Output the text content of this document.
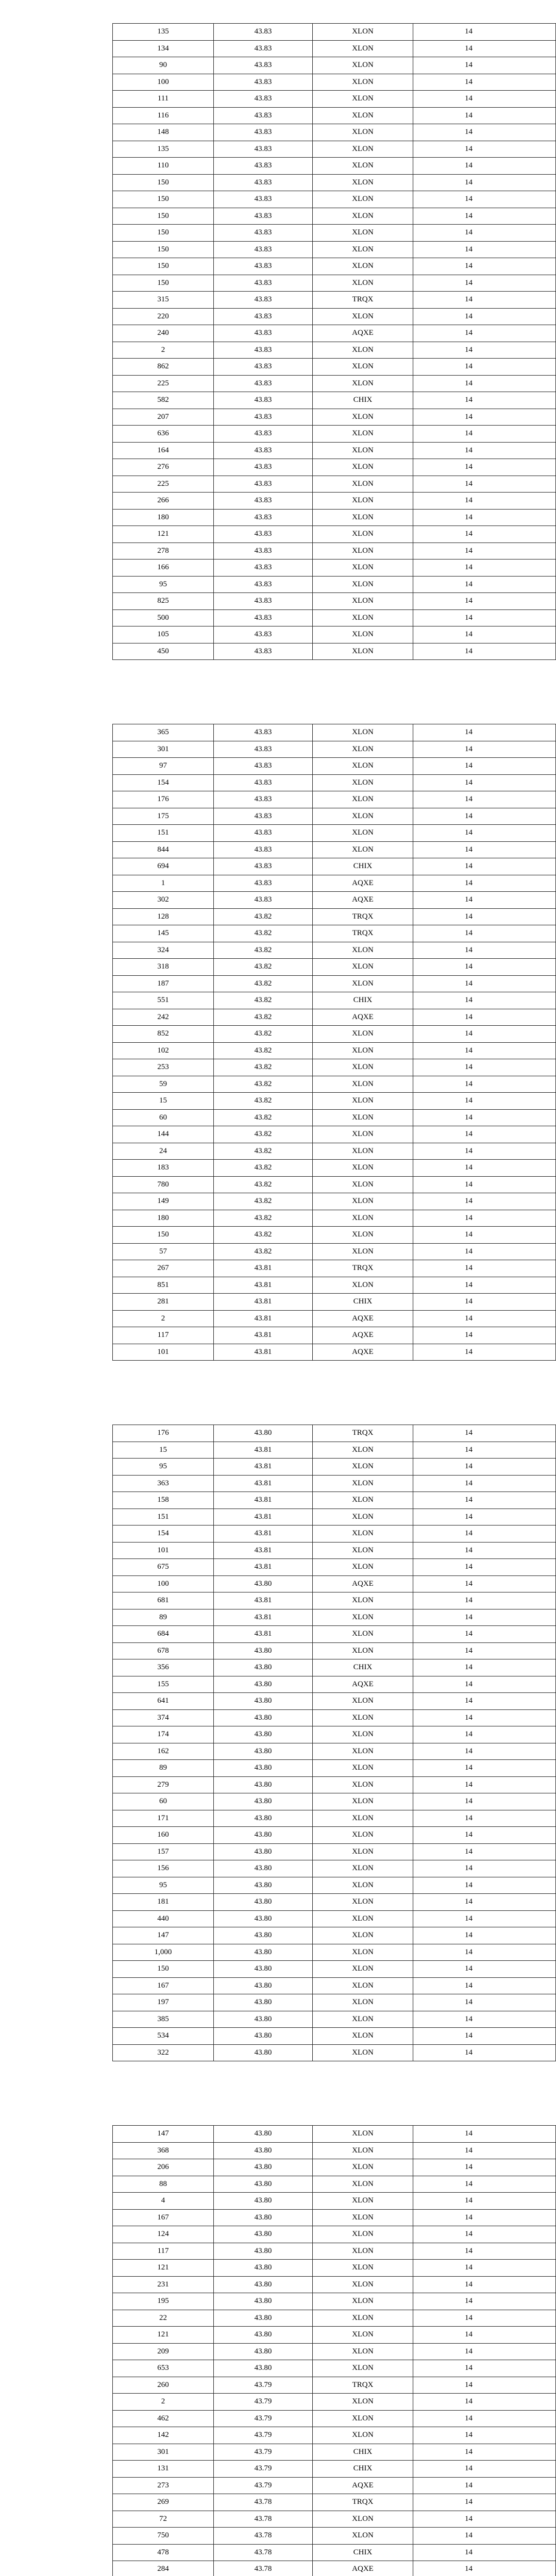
135	43.83	XLON	14
134	43.83	XLON	14
90	43.83	XLON	14
100	43.83	XLON	14
111	43.83	XLON	14
116	43.83	XLON	14
148	43.83	XLON	14
135	43.83	XLON	14
110	43.83	XLON	14
150	43.83	XLON	14
150	43.83	XLON	14
150	43.83	XLON	14
150	43.83	XLON	14
150	43.83	XLON	14
150	43.83	XLON	14
150	43.83	XLON	14
315	43.83	TRQX	14
220	43.83	XLON	14
240	43.83	AQXE	14
2	43.83	XLON	14
862	43.83	XLON	14
225	43.83	XLON	14
582	43.83	CHIX	14
207	43.83	XLON	14
636	43.83	XLON	14
164	43.83	XLON	14
276	43.83	XLON	14
225	43.83	XLON	14
266	43.83	XLON	14
180	43.83	XLON	14
121	43.83	XLON	14
278	43.83	XLON	14
166	43.83	XLON	14
95	43.83	XLON	14
825	43.83	XLON	14
500	43.83	XLON	14
105	43.83	XLON	14
450	43.83	XLON	14
365	43.83	XLON	14
301	43.83	XLON	14
97	43.83	XLON	14
154	43.83	XLON	14
176	43.83	XLON	14
175	43.83	XLON	14
151	43.83	XLON	14
844	43.83	XLON	14
694	43.83	CHIX	14
1	43.83	AQXE	14
302	43.83	AQXE	14
128	43.82	TRQX	14
145	43.82	TRQX	14
324	43.82	XLON	14
318	43.82	XLON	14
187	43.82	XLON	14
551	43.82	CHIX	14
242	43.82	AQXE	14
852	43.82	XLON	14
102	43.82	XLON	14
253	43.82	XLON	14
59	43.82	XLON	14
15	43.82	XLON	14
60	43.82	XLON	14
144	43.82	XLON	14
24	43.82	XLON	14
183	43.82	XLON	14
780	43.82	XLON	14
149	43.82	XLON	14
180	43.82	XLON	14
150	43.82	XLON	14
57	43.82	XLON	14
267	43.81	TRQX	14
851	43.81	XLON	14
281	43.81	CHIX	14
2	43.81	AQXE	14
117	43.81	AQXE	14
101	43.81	AQXE	14
176	43.80	TRQX	14
15	43.81	XLON	14
95	43.81	XLON	14
363	43.81	XLON	14
158	43.81	XLON	14
151	43.81	XLON	14
154	43.81	XLON	14
101	43.81	XLON	14
675	43.81	XLON	14
100	43.80	AQXE	14
681	43.81	XLON	14
89	43.81	XLON	14
684	43.81	XLON	14
678	43.80	XLON	14
356	43.80	CHIX	14
155	43.80	AQXE	14
641	43.80	XLON	14
374	43.80	XLON	14
174	43.80	XLON	14
162	43.80	XLON	14
89	43.80	XLON	14
279	43.80	XLON	14
60	43.80	XLON	14
171	43.80	XLON	14
160	43.80	XLON	14
157	43.80	XLON	14
156	43.80	XLON	14
95	43.80	XLON	14
181	43.80	XLON	14
440	43.80	XLON	14
147	43.80	XLON	14
1,000	43.80	XLON	14
150	43.80	XLON	14
167	43.80	XLON	14
197	43.80	XLON	14
385	43.80	XLON	14
534	43.80	XLON	14
322	43.80	XLON	14
147	43.80	XLON	14
368	43.80	XLON	14
206	43.80	XLON	14
88	43.80	XLON	14
4	43.80	XLON	14
167	43.80	XLON	14
124	43.80	XLON	14
117	43.80	XLON	14
121	43.80	XLON	14
231	43.80	XLON	14
195	43.80	XLON	14
22	43.80	XLON	14
121	43.80	XLON	14
209	43.80	XLON	14
653	43.80	XLON	14
260	43.79	TRQX	14
2	43.79	XLON	14
462	43.79	XLON	14
142	43.79	XLON	14
301	43.79	CHIX	14
131	43.79	CHIX	14
273	43.79	AQXE	14
269	43.78	TRQX	14
72	43.78	XLON	14
750	43.78	XLON	14
478	43.78	CHIX	14
284	43.78	AQXE	14
